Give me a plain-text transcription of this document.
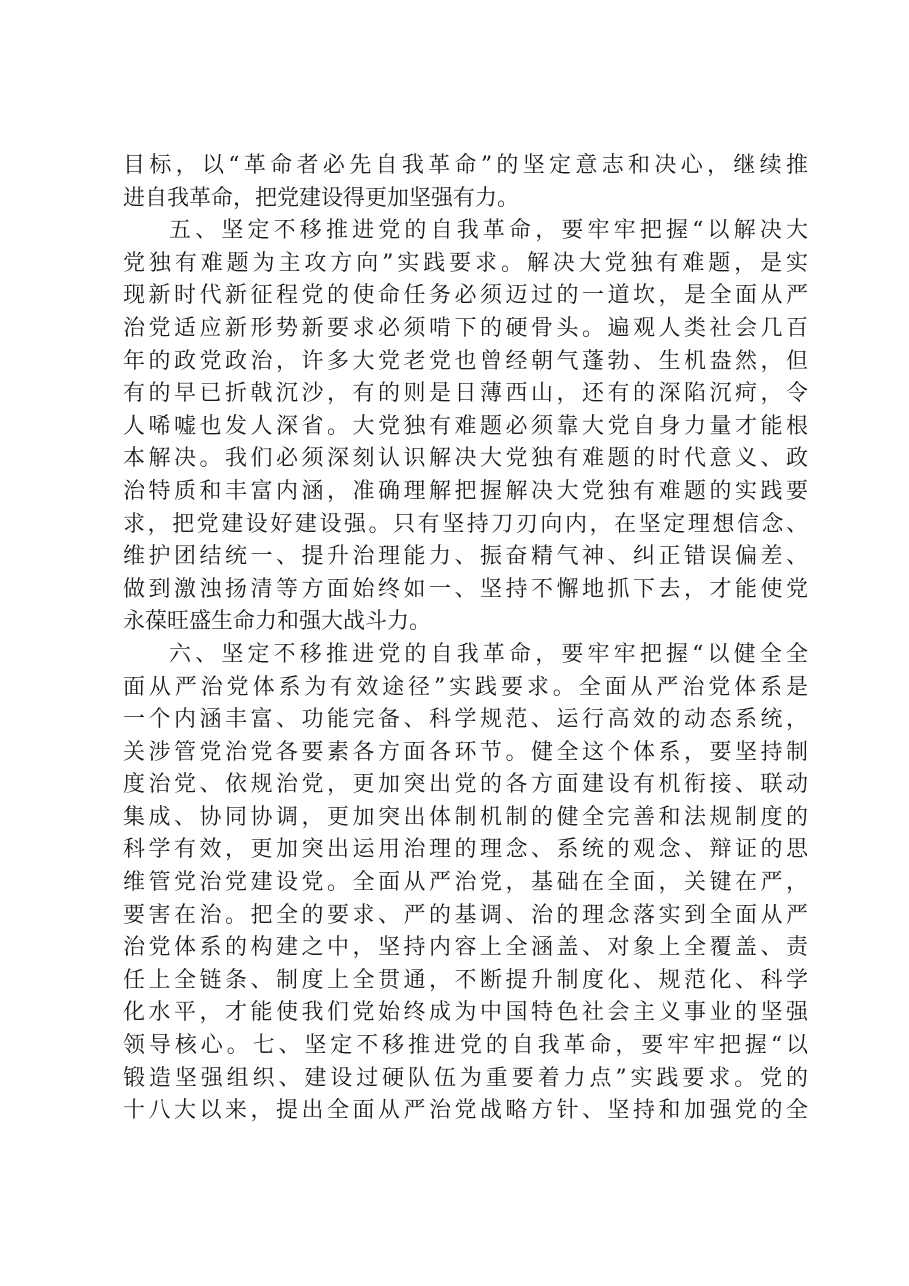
目标，以“革命者必先自我革命”的坚定意志和决心，继续推
进自我革命，把党建设得更加坚强有力。
五、坚定不移推进党的自我革命，要牢牢把握“以解决大
党独有难题为主攻方向”实践要求。解决大党独有难题，是实
现新时代新征程党的使命任务必须迈过的一道坎，是全面从严
治党适应新形势新要求必须啃下的硬骨头。遍观人类社会几百
年的政党政治，许多大党老党也曾经朝气蓬勃、生机盎然，但
有的早已折戟沉沙，有的则是日薄西山，还有的深陷沉疴，令
人唏嘘也发人深省。大党独有难题必须靠大党自身力量才能根
本解决。我们必须深刻认识解决大党独有难题的时代意义、政
治特质和丰富内涵，准确理解把握解决大党独有难题的实践要
求，把党建设好建设强。只有坚持刀刃向内，在坚定理想信念、
维护团结统一、提升治理能力、振奋精气神、纠正错误偏差、
做到激浊扬清等方面始终如一、坚持不懈地抓下去，才能使党
永葆旺盛生命力和强大战斗力。
六、坚定不移推进党的自我革命，要牢牢把握“以健全全
面从严治党体系为有效途径”实践要求。全面从严治党体系是
一个内涵丰富、功能完备、科学规范、运行高效的动态系统，
关涉管党治党各要素各方面各环节。健全这个体系，要坚持制
度治党、依规治党，更加突出党的各方面建设有机衔接、联动
集成、协同协调，更加突出体制机制的健全完善和法规制度的
科学有效，更加突出运用治理的理念、系统的观念、辩证的思
维管党治党建设党。全面从严治党，基础在全面，关键在严，
要害在治。把全的要求、严的基调、治的理念落实到全面从严
治党体系的构建之中，坚持内容上全涵盖、对象上全覆盖、责
任上全链条、制度上全贯通，不断提升制度化、规范化、科学
化水平，才能使我们党始终成为中国特色社会主义事业的坚强
领导核心。七、坚定不移推进党的自我革命，要牢牢把握“以
锻造坚强组织、建设过硬队伍为重要着力点”实践要求。党的
十八大以来，提出全面从严治党战略方针、坚持和加强党的全
